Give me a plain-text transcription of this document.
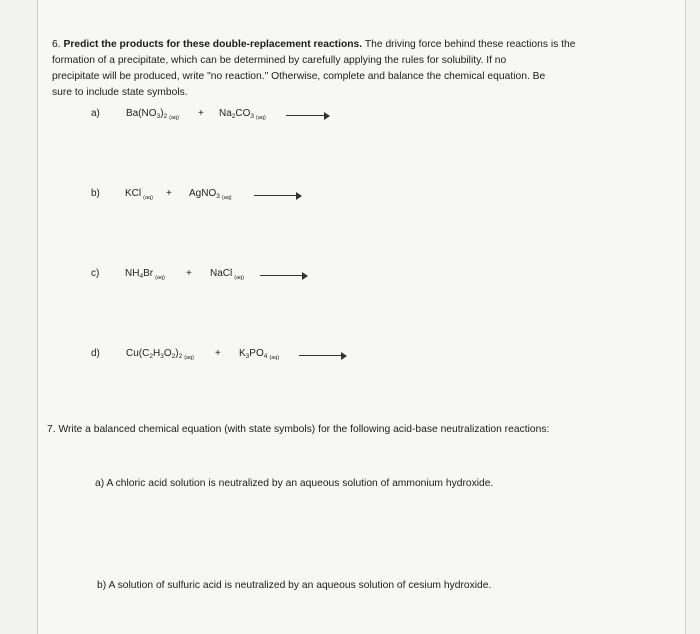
6. Predict the products for these double-replacement reactions. The driving force behind these reactions is the
formation of a precipitate, which can be determined by carefully applying the rules for solubility. If no
precipitate will be produced, write "no reaction." Otherwise, complete and balance the chemical equation. Be
sure to include state symbols.
a)	$Ba(NO_3)_2$ $_{(aq)} + Na_2CO_3$ $_{(aq)}$
b)	KCl $_{(aq)}$ + AgNO$_3$ $_{(aq)}$
c)	$NH_4Br$ $_{(aq)}$ + NaCl $_{(aq)}$
d)	$Cu(C_2H_3O_2)_2$ $_{(aq)} + K_3PO_4$ $_{(aq)}$
7. Write a balanced chemical equation (with state symbols) for the following acid-base neutralization reactions:
a) A chloric acid solution is neutralized by an aqueous solution of ammonium hydroxide.
b) A solution of sulfuric acid is neutralized by an aqueous solution of cesium hydroxide.
